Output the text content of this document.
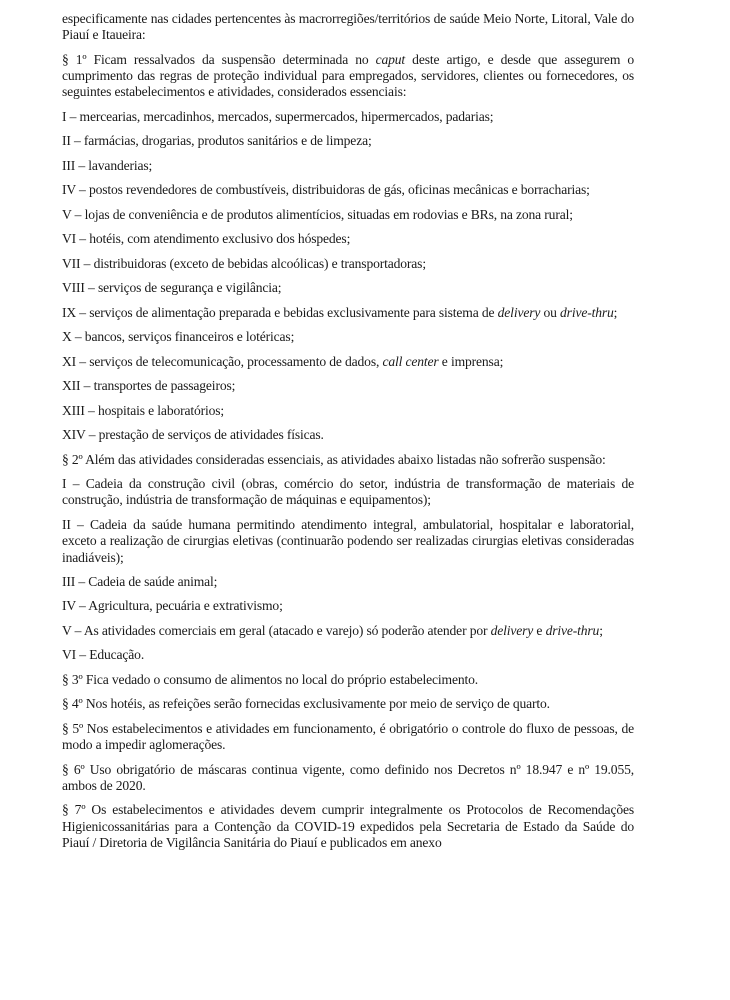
especificamente nas cidades pertencentes às macrorregiões/territórios de saúde Meio Norte, Litoral, Vale do Piauí e Itaueira:

§ 1º Ficam ressalvados da suspensão determinada no caput deste artigo, e desde que assegurem o cumprimento das regras de proteção individual para empregados, servidores, clientes ou fornecedores, os seguintes estabelecimentos e atividades, considerados essenciais:

I – mercearias, mercadinhos, mercados, supermercados, hipermercados, padarias;

II – farmácias, drogarias, produtos sanitários e de limpeza;

III – lavanderias;

IV – postos revendedores de combustíveis, distribuidoras de gás, oficinas mecânicas e borracharias;

V – lojas de conveniência e de produtos alimentícios, situadas em rodovias e BRs, na zona rural;

VI – hotéis, com atendimento exclusivo dos hóspedes;

VII – distribuidoras (exceto de bebidas alcoólicas) e transportadoras;

VIII – serviços de segurança e vigilância;

IX – serviços de alimentação preparada e bebidas exclusivamente para sistema de delivery ou drive-thru;

X – bancos, serviços financeiros e lotéricas;

XI – serviços de telecomunicação, processamento de dados, call center e imprensa;

XII – transportes de passageiros;

XIII – hospitais e laboratórios;

XIV – prestação de serviços de atividades físicas.

§ 2º Além das atividades consideradas essenciais, as atividades abaixo listadas não sofrerão suspensão:

I – Cadeia da construção civil (obras, comércio do setor, indústria de transformação de materiais de construção, indústria de transformação de máquinas e equipamentos);

II – Cadeia da saúde humana permitindo atendimento integral, ambulatorial, hospitalar e laboratorial, exceto a realização de cirurgias eletivas (continuarão podendo ser realizadas cirurgias eletivas consideradas inadiáveis);

III – Cadeia de saúde animal;

IV – Agricultura, pecuária e extrativismo;

V – As atividades comerciais em geral (atacado e varejo) só poderão atender por delivery e drive-thru;

VI – Educação.

§ 3º Fica vedado o consumo de alimentos no local do próprio estabelecimento.

§ 4º Nos hotéis, as refeições serão fornecidas exclusivamente por meio de serviço de quarto.

§ 5º Nos estabelecimentos e atividades em funcionamento, é obrigatório o controle do fluxo de pessoas, de modo a impedir aglomerações.

§ 6º Uso obrigatório de máscaras continua vigente, como definido nos Decretos nº 18.947 e nº 19.055, ambos de 2020.

§ 7º Os estabelecimentos e atividades devem cumprir integralmente os Protocolos de Recomendações Higienicossanitárias para a Contenção da COVID-19 expedidos pela Secretaria de Estado da Saúde do Piauí / Diretoria de Vigilância Sanitária do Piauí e publicados em anexo
